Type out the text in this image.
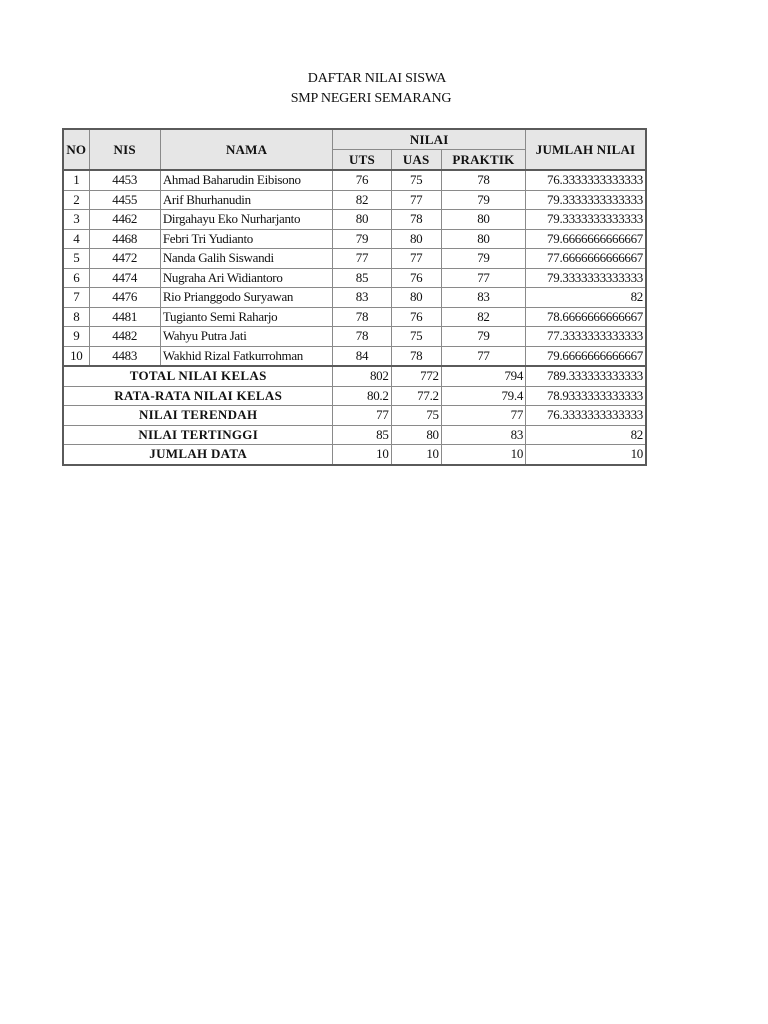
DAFTAR NILAI SISWA
SMP NEGERI SEMARANG
NO	NIS	NAMA	NILAI			JUMLAH NILAI
			UTS	UAS	PRAKTIK	
1	4453	Ahmad Baharudin Eibisono	76	75	78	76.3333333333333
2	4455	Arif Bhurhanudin	82	77	79	79.3333333333333
3	4462	Dirgahayu Eko Nurharjanto	80	78	80	79.3333333333333
4	4468	Febri Tri Yudianto	79	80	80	79.6666666666667
5	4472	Nanda Galih Siswandi	77	77	79	77.6666666666667
6	4474	Nugraha Ari Widiantoro	85	76	77	79.3333333333333
7	4476	Rio Prianggodo Suryawan	83	80	83	82
8	4481	Tugianto Semi Raharjo	78	76	82	78.6666666666667
9	4482	Wahyu Putra Jati	78	75	79	77.3333333333333
10	4483	Wakhid Rizal Fatkurrohman	84	78	77	79.6666666666667
TOTAL NILAI KELAS			802	772	794	789.333333333333
RATA-RATA NILAI KELAS			80.2	77.2	79.4	78.9333333333333
NILAI TERENDAH			77	75	77	76.3333333333333
NILAI TERTINGGI			85	80	83	82
JUMLAH DATA			10	10	10	10
